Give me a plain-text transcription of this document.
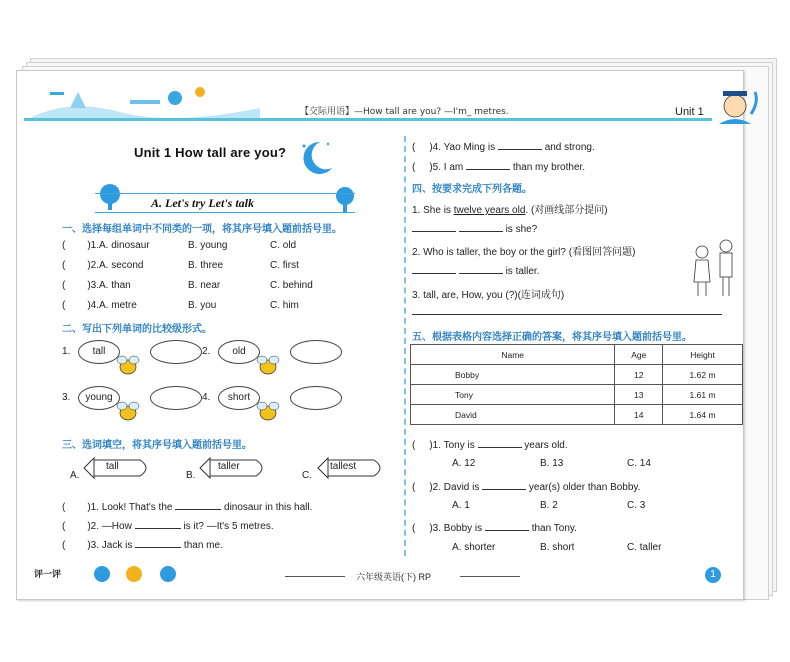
【交际用语】—How tall are you? —I'm_ metres.	Unit 1
Unit 1 How tall are you?
A. Let's try Let's talk
一、选择每组单词中不同类的一项，将其序号填入题前括号里。
( )1.A. dinosaur	B. young	C. old
( )2.A. second	B. three	C. first
( )3.A. than	B. near	C. behind
( )4.A. metre	B. you	C. him
二、写出下列单词的比较级形式。
1.	tall	2.	old
3.	young	4.	short
三、选词填空，将其序号填入题前括号里。
A.
tall
B.
taller
C.
tallest
( )1. Look! That's the	dinosaur in this hall.
( )2. —How	is it? —It's 5 metres.
( )3. Jack is	than me.
( )4. Yao Ming is	and strong.
( )5. I am	than my brother.
四、按要求完成下列各题。
1. She is twelve years old. (对画线部分提问)
is she?
2. Who is taller, the boy or the girl? (看图回答问题)
is taller.
3. tall, are, How, you (?)(连词成句)
五、根据表格内容选择正确的答案，将其序号填入题前括号里。
Name	Age	Height
Bobby	12	1.62 m
Tony	13	1.61 m
David	14	1.64 m
( )1. Tony is	years old.
A. 12	B. 13	C. 14
( )2. David is	year(s) older than Bobby.
A. 1	B. 2	C. 3
( )3. Bobby is	than Tony.
A. shorter	B. short	C. taller
评一评	六年级英语(下) RP	1
